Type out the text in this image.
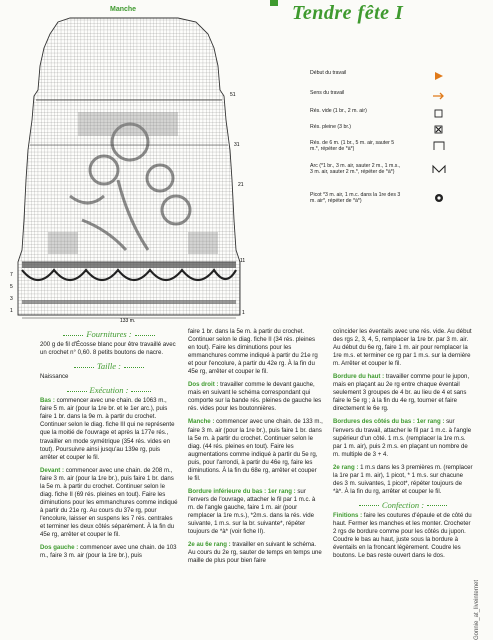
Manche	Tendre fête I
51
31
21
11
1
7
5
3
1
133 m.
Début du travail
Sens du travail
Rés. vide (1 br., 2 m. air)
Rés. pleine (3 br.)
Rés. de 6 m. (1 br., 5 m. air, sauter 5 m.*, répéter de *à*)
Arc (*1 br., 3 m. air, sauter 2 m., 1 m.s., 3 m. air, sauter 2 m.*, répéter de *à*)
Picot *3 m. air, 1 m.c. dans la 1re des 3 m. air*, répéter de *à*)
Fournitures :
200 g de fil d'Écosse blanc pour être travaillé avec un crochet n° 0,60. 8 petits boutons de nacre.
Taille :
Naissance
Exécution :
Bas : commencer avec une chain. de 1063 m., faire 5 m. air (pour la 1re br. et le 1er arc.), puis faire 1 br. dans la 9e m. à partir du crochet. Continuer selon le diag. fiche III qui ne représente que la moitié de l'ouvrage et après la 177e rés., travailler en mode symétrique (354 rés. vides en tout). Poursuivre ainsi jusqu'au 139e rg, puis arrêter et couper le fil.
Devant : commencer avec une chain. de 208 m., faire 3 m. air (pour la 1re br.), puis faire 1 br. dans la 5e m. à partir du crochet. Continuer selon le diag. fiche II (69 rés. pleines en tout). Faire les diminutions pour les emmanchures comme indiqué à partir du 21e rg. Au cours du 37e rg, pour l'encolure, laisser en suspens les 7 rés. centrales et terminer les deux côtés séparément. À la fin du 45e rg, arrêter et couper le fil.
Dos gauche : commencer avec une chain. de 103 m., faire 3 m. air (pour la 1re br.), puis
faire 1 br. dans la 5e m. à partir du crochet. Continuer selon le diag. fiche II (34 rés. pleines en tout). Faire les diminutions pour les emmanchures comme indiqué à partir du 21e rg et pour l'encolure, à partir du 42e rg. À la fin du 45e rg, arrêter et couper le fil.
Dos droit : travailler comme le devant gauche, mais en suivant le schéma correspondant qui comporte sur la bande rés. pleines de gauche les rés. vides pour les boutonnières.
Manche : commencer avec une chain. de 133 m., faire 3 m. air (pour la 1re br.), puis faire 1 br. dans la 5e m. à partir du crochet. Continuer selon le diag. (44 rés. pleines en tout). Faire les augmentations comme indiqué à partir du 5e rg, puis, pour l'arrondi, à partir du 46e rg, faire les diminutions. À la fin du 68e rg, arrêter et couper le fil.
Bordure inférieure du bas : 1er rang : sur l'envers de l'ouvrage, attacher le fil par 1 m.c. à m. de l'angle gauche, faire 1 m. air (pour remplacer la 1re m.s.), *2m.s. dans la rés. vide suivante, 1 m.s. sur la br. suivante*, répéter toujours de *à* (voir fiche II).
2e au 6e rang : travailler en suivant le schéma. Au cours du 2e rg, sauter de temps en temps une maille de plus pour bien faire
coïncider les éventails avec une rés. vide. Au début des rgs 2, 3, 4, 5, remplacer la 1re br. par 3 m. air. Au début du 6e rg, faire 1 m. air pour remplacer la 1re m.s. et terminer ce rg par 1 m.s. sur la dernière m. Arrêter et couper le fil.
Bordure du haut : travailler comme pour le jupon, mais en plaçant au 2e rg entre chaque éventail seulement 3 groupes de 4 br. au lieu de 4 et sans faire le 5e rg ; à la fin du 4e rg, tourner et faire directement le 6e rg.
Bordures des côtés du bas : 1er rang : sur l'envers du travail, attacher le fil par 1 m.c. à l'angle supérieur d'un côté. 1 m.s. (remplacer la 1re m.s. par 1 m. air), puis 2 m.s. en plaçant un nombre de m. multiple de 3 + 4.
2e rang : 1 m.s dans les 3 premières m. (remplacer la 1re par 1 m. air), 1 picot, * 1 m.s. sur chacune des 3 m. suivantes, 1 picot*, répéter toujours de *à*. À la fin du rg, arrêter et couper le fil.
Confection :
Finitions : faire les coutures d'épaule et de côté du haut. Fermer les manches et les monter. Crocheter 2 rgs de bordure comme pour les côtés du jupon. Coudre le bas au haut, juste sous la bordure à éventails en la froncant légèrement. Coudre les boutons. Le bas reste ouvert dans le dos.
Gonnie_at_liveinternet
